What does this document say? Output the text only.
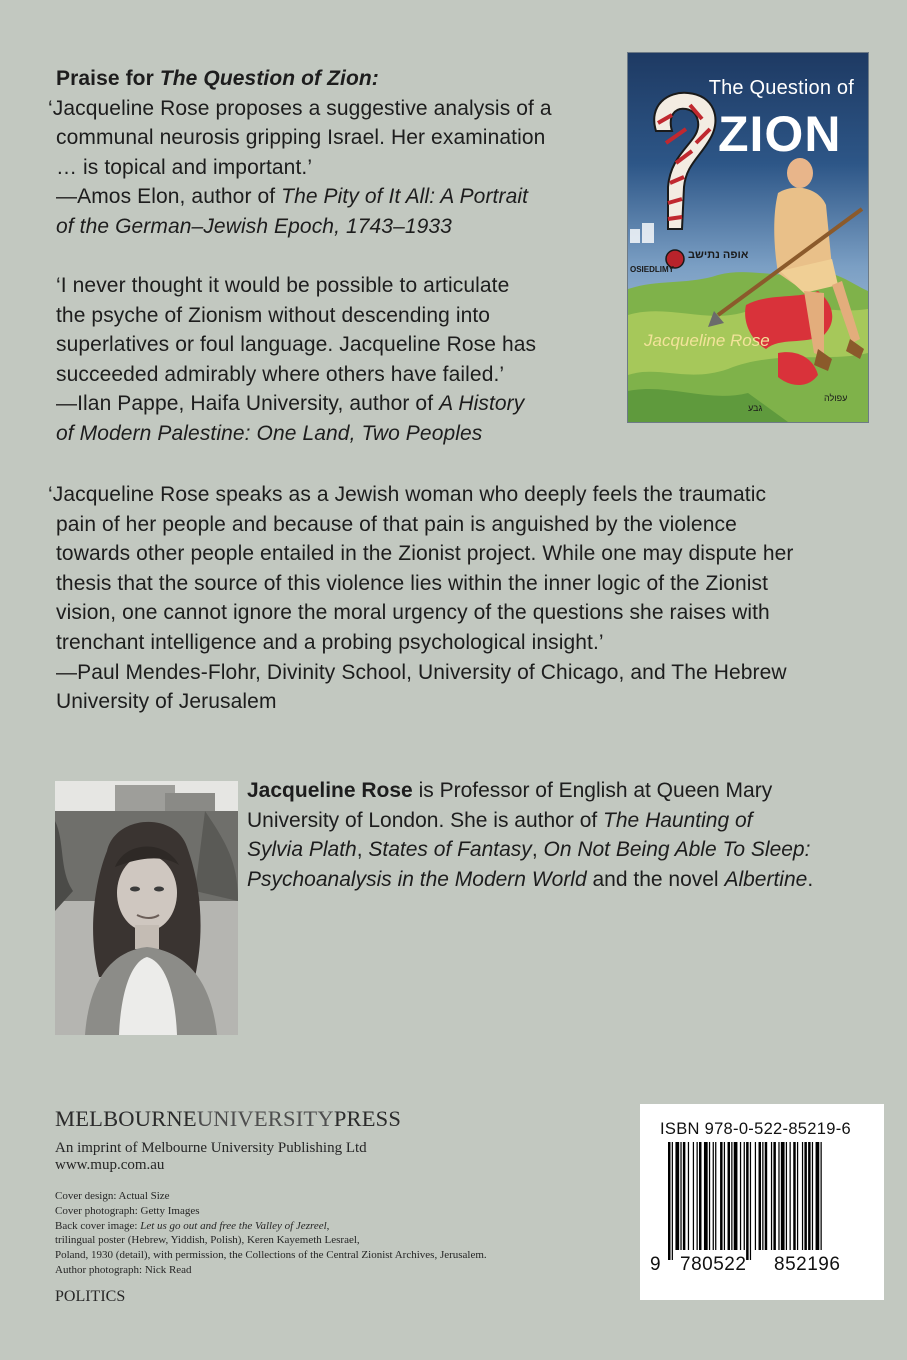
Praise for The Question of Zion:

‘Jacqueline Rose proposes a suggestive analysis of a

communal neurosis gripping Israel. Her examination

… is topical and important.’

—Amos Elon, author of The Pity of It All: A Portrait

of the German–Jewish Epoch, 1743–1933

‘I never thought it would be possible to articulate

the psyche of Zionism without descending into

superlatives or foul language. Jacqueline Rose has

succeeded admirably where others have failed.’

—Ilan Pappe, Haifa University, author of A History

of Modern Palestine: One Land, Two Peoples

‘Jacqueline Rose speaks as a Jewish woman who deeply feels the traumatic

pain of her people and because of that pain is anguished by the violence

towards other people entailed in the Zionist project. While one may dispute her

thesis that the source of this violence lies within the inner logic of the Zionist

vision, one cannot ignore the moral urgency of the questions she raises with

trenchant intelligence and a probing psychological insight.’

—Paul Mendes-Flohr, Divinity School, University of Chicago, and The Hebrew

University of Jerusalem

The Question of
ZION
אופה נתישב
OSIEDLIMY
עפולה
גבע
Jacqueline Rose
Jacqueline Rose is Professor of English at Queen Mary
University of London. She is author of The Haunting of
Sylvia Plath, States of Fantasy, On Not Being Able To Sleep:
Psychoanalysis in the Modern World and the novel Albertine.
MELBOURNEUNIVERSITYPRESS
An imprint of Melbourne University Publishing Ltd
www.mup.com.au
Cover design: Actual Size
Cover photograph: Getty Images
Back cover image: Let us go out and free the Valley of Jezreel,
trilingual poster (Hebrew, Yiddish, Polish), Keren Kayemeth Lesrael,
Poland, 1930 (detail), with permission, the Collections of the Central Zionist Archives, Jerusalem.
Author photograph: Nick Read
POLITICS
ISBN 978-0-522-85219-6
9 780522 852196
